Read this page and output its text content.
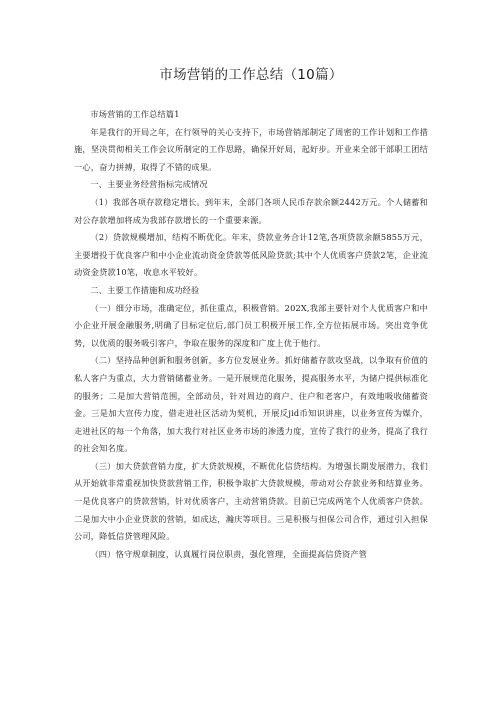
市场营销的工作总结（10篇）

市场营销的工作总结篇1

年是我行的开局之年，在行领导的关心支持下，市场营销部制定了周密的工作计划和工作措施，坚决贯彻相关工作会议所制定的工作思路，确保开好局，起好步。开业来全部干部职工团结一心，奋力拼搏，取得了不错的成果。

一、主要业务经营指标完成情况

（1）我部各项存款稳定增长。到年末，全部门各项人民币存款余额2442万元。个人储蓄和对公存款增加将成为我部存款增长的一个重要来源。

（2）贷款规模增加，结构不断优化。年末，贷款业务合计12笔,各项贷款余额5855万元，主要增投于优良客户和中小企业流动资金贷款等低风险贷款;其中个人优质客户贷款2笔，企业流动资金贷款10笔，收息水平较好。

二、主要工作措施和成功经验

（一）细分市场，准确定位，抓住重点，积极营销。202X,我部主要针对个人优质客户和中小企业开展金融服务,明确了目标定位后,部门员工积极开展工作,全方位拓展市场。突出竞争优势，以优质的服务吸引客户，争取在服务的深度和广度上优于他行。

（二）坚持品种创新和服务创新，多方位发展业务。抓好储蓄存款攻坚战，以争取有价值的私人客户为重点，大力营销储蓄业务。一是开展规范化服务，提高服务水平，为储户提供标准化的服务；二是加大营销范围，全部动员，针对周边的商户、住户和老客户，有效地吸收储蓄资金。三是加大宣传力度，借走进社区活动为契机，开展反jid币知识讲座，以业务宣传为媒介，走进社区的每一个角落，加大我行对社区业务市场的渗透力度，宣传了我行的业务，提高了我行的社会知名度。

（三）加大贷款营销力度，扩大贷款规模，不断优化信贷结构。为增强长期发展潜力，我们从开始就非常重视加快贷款营销工作，积极争取扩大贷款规模，带动对公存款业务和结算业务。一是优良客户的贷款营销，针对优质客户，主动营销贷款。目前已完成两笔个人优质客户贷款。二是加大中小企业贷款的营销，如成达，瀚庆等项目。三是积极与担保公司合作，通过引入担保公司，降低信贷管理风险。

（四）恪守规章制度，认真履行岗位职责，强化管理，全面提高信贷资产管
